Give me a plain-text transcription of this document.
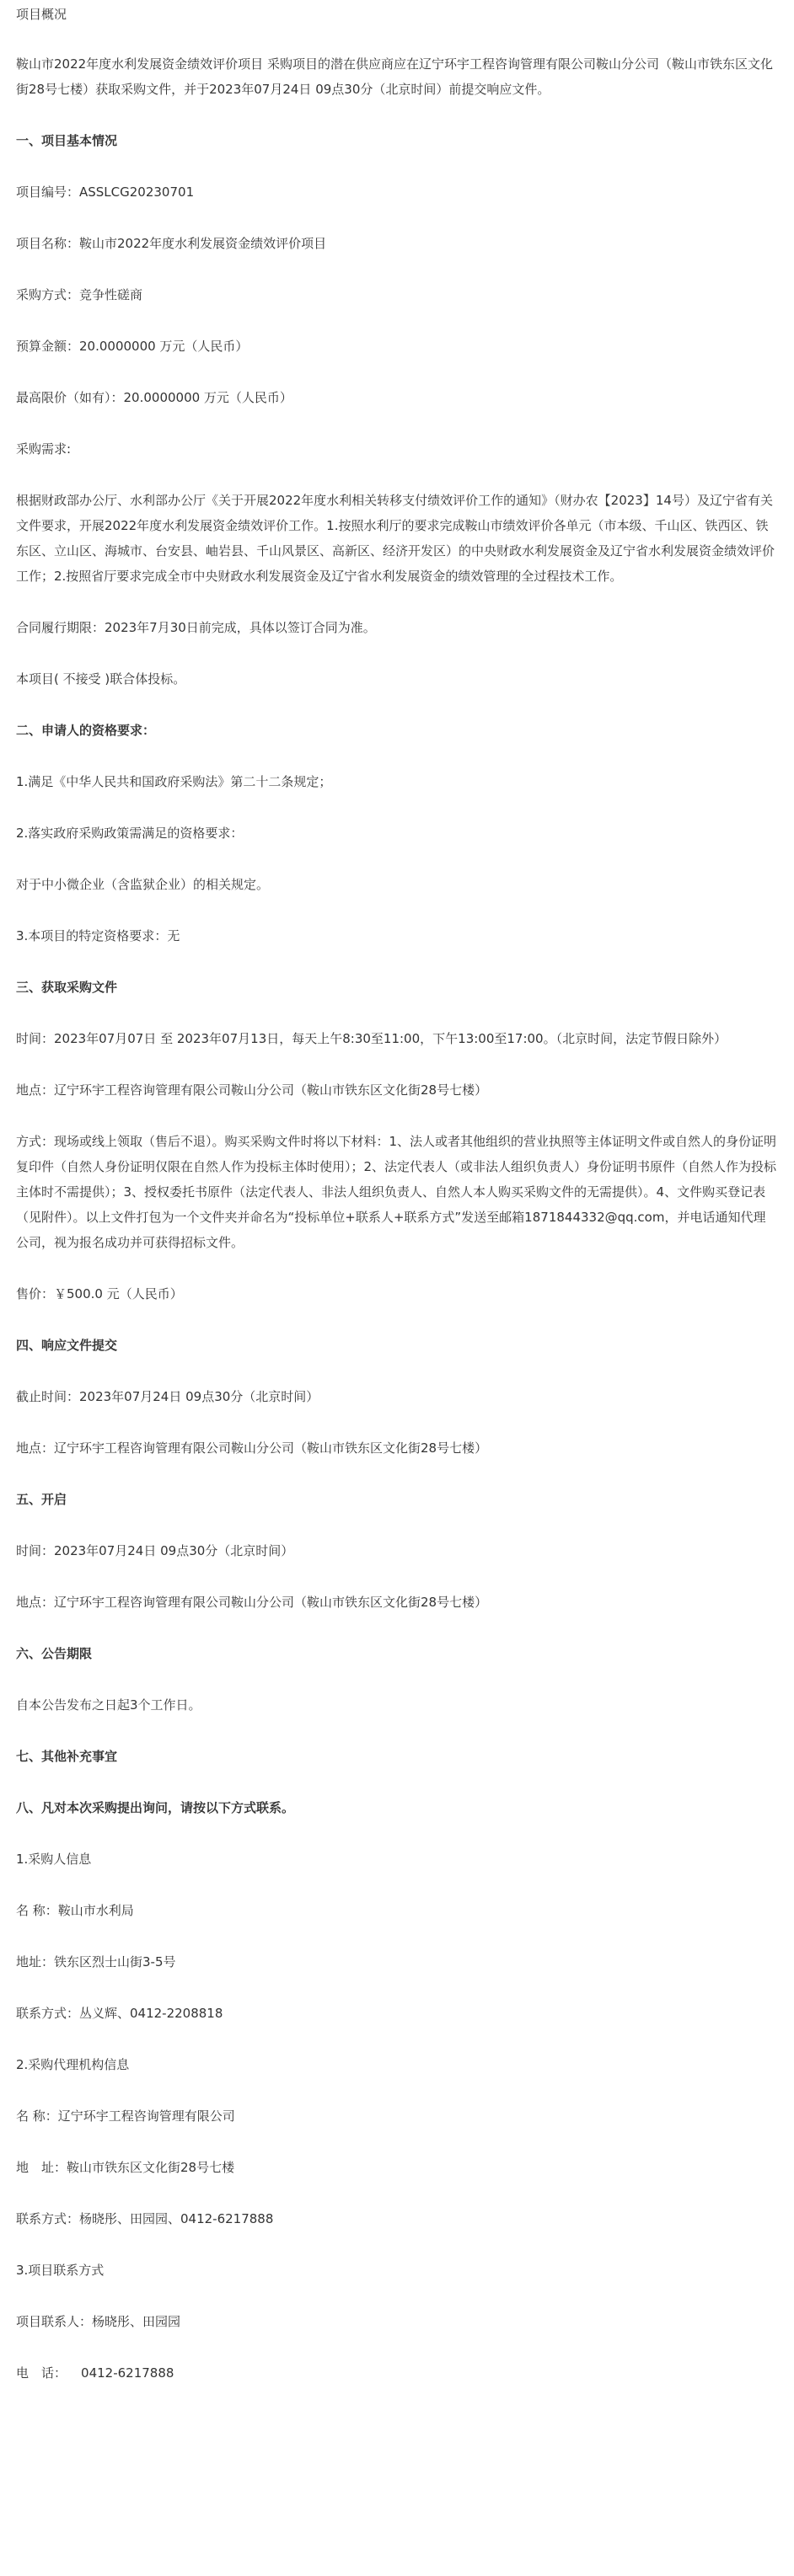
项目概况

鞍山市2022年度水利发展资金绩效评价项目 采购项目的潜在供应商应在辽宁环宇工程咨询管理有限公司鞍山分公司（鞍山市铁东区文化街28号七楼）获取采购文件，并于2023年07月24日 09点30分（北京时间）前提交响应文件。

一、项目基本情况

项目编号：ASSLCG20230701

项目名称：鞍山市2022年度水利发展资金绩效评价项目

采购方式：竞争性磋商

预算金额：20.0000000 万元（人民币）

最高限价（如有）：20.0000000 万元（人民币）

采购需求:

根据财政部办公厅、水利部办公厅《关于开展2022年度水利相关转移支付绩效评价工作的通知》（财办农【2023】14号）及辽宁省有关文件要求，开展2022年度水利发展资金绩效评价工作。1.按照水利厅的要求完成鞍山市绩效评价各单元（市本级、千山区、铁西区、铁东区、立山区、海城市、台安县、岫岩县、千山风景区、高新区、经济开发区）的中央财政水利发展资金及辽宁省水利发展资金绩效评价工作；2.按照省厅要求完成全市中央财政水利发展资金及辽宁省水利发展资金的绩效管理的全过程技术工作。

合同履行期限：2023年7月30日前完成，具体以签订合同为准。

本项目( 不接受 )联合体投标。

二、申请人的资格要求：

1.满足《中华人民共和国政府采购法》第二十二条规定；

2.落实政府采购政策需满足的资格要求：

对于中小微企业（含监狱企业）的相关规定。

3.本项目的特定资格要求：无

三、获取采购文件

时间：2023年07月07日 至 2023年07月13日，每天上午8:30至11:00，下午13:00至17:00。（北京时间，法定节假日除外）

地点：辽宁环宇工程咨询管理有限公司鞍山分公司（鞍山市铁东区文化街28号七楼）

方式：现场或线上领取（售后不退）。购买采购文件时将以下材料：1、法人或者其他组织的营业执照等主体证明文件或自然人的身份证明复印件（自然人身份证明仅限在自然人作为投标主体时使用）；2、法定代表人（或非法人组织负责人）身份证明书原件（自然人作为投标主体时不需提供）；3、授权委托书原件（法定代表人、非法人组织负责人、自然人本人购买采购文件的无需提供）。4、文件购买登记表（见附件）。以上文件打包为一个文件夹并命名为“投标单位+联系人+联系方式”发送至邮箱1871844332@qq.com，并电话通知代理公司，视为报名成功并可获得招标文件。

售价：￥500.0 元（人民币）

四、响应文件提交

截止时间：2023年07月24日 09点30分（北京时间）

地点：辽宁环宇工程咨询管理有限公司鞍山分公司（鞍山市铁东区文化街28号七楼）

五、开启

时间：2023年07月24日 09点30分（北京时间）

地点：辽宁环宇工程咨询管理有限公司鞍山分公司（鞍山市铁东区文化街28号七楼）

六、公告期限

自本公告发布之日起3个工作日。

七、其他补充事宜

八、凡对本次采购提出询问，请按以下方式联系。

1.采购人信息

名 称：鞍山市水利局

地址：铁东区烈士山街3-5号

联系方式：丛义辉、0412-2208818

2.采购代理机构信息

名 称：辽宁环宇工程咨询管理有限公司

地　址：鞍山市铁东区文化街28号七楼

联系方式：杨晓彤、田园园、0412-6217888

3.项目联系方式

项目联系人：杨晓彤、田园园

电　话：　  0412-6217888
